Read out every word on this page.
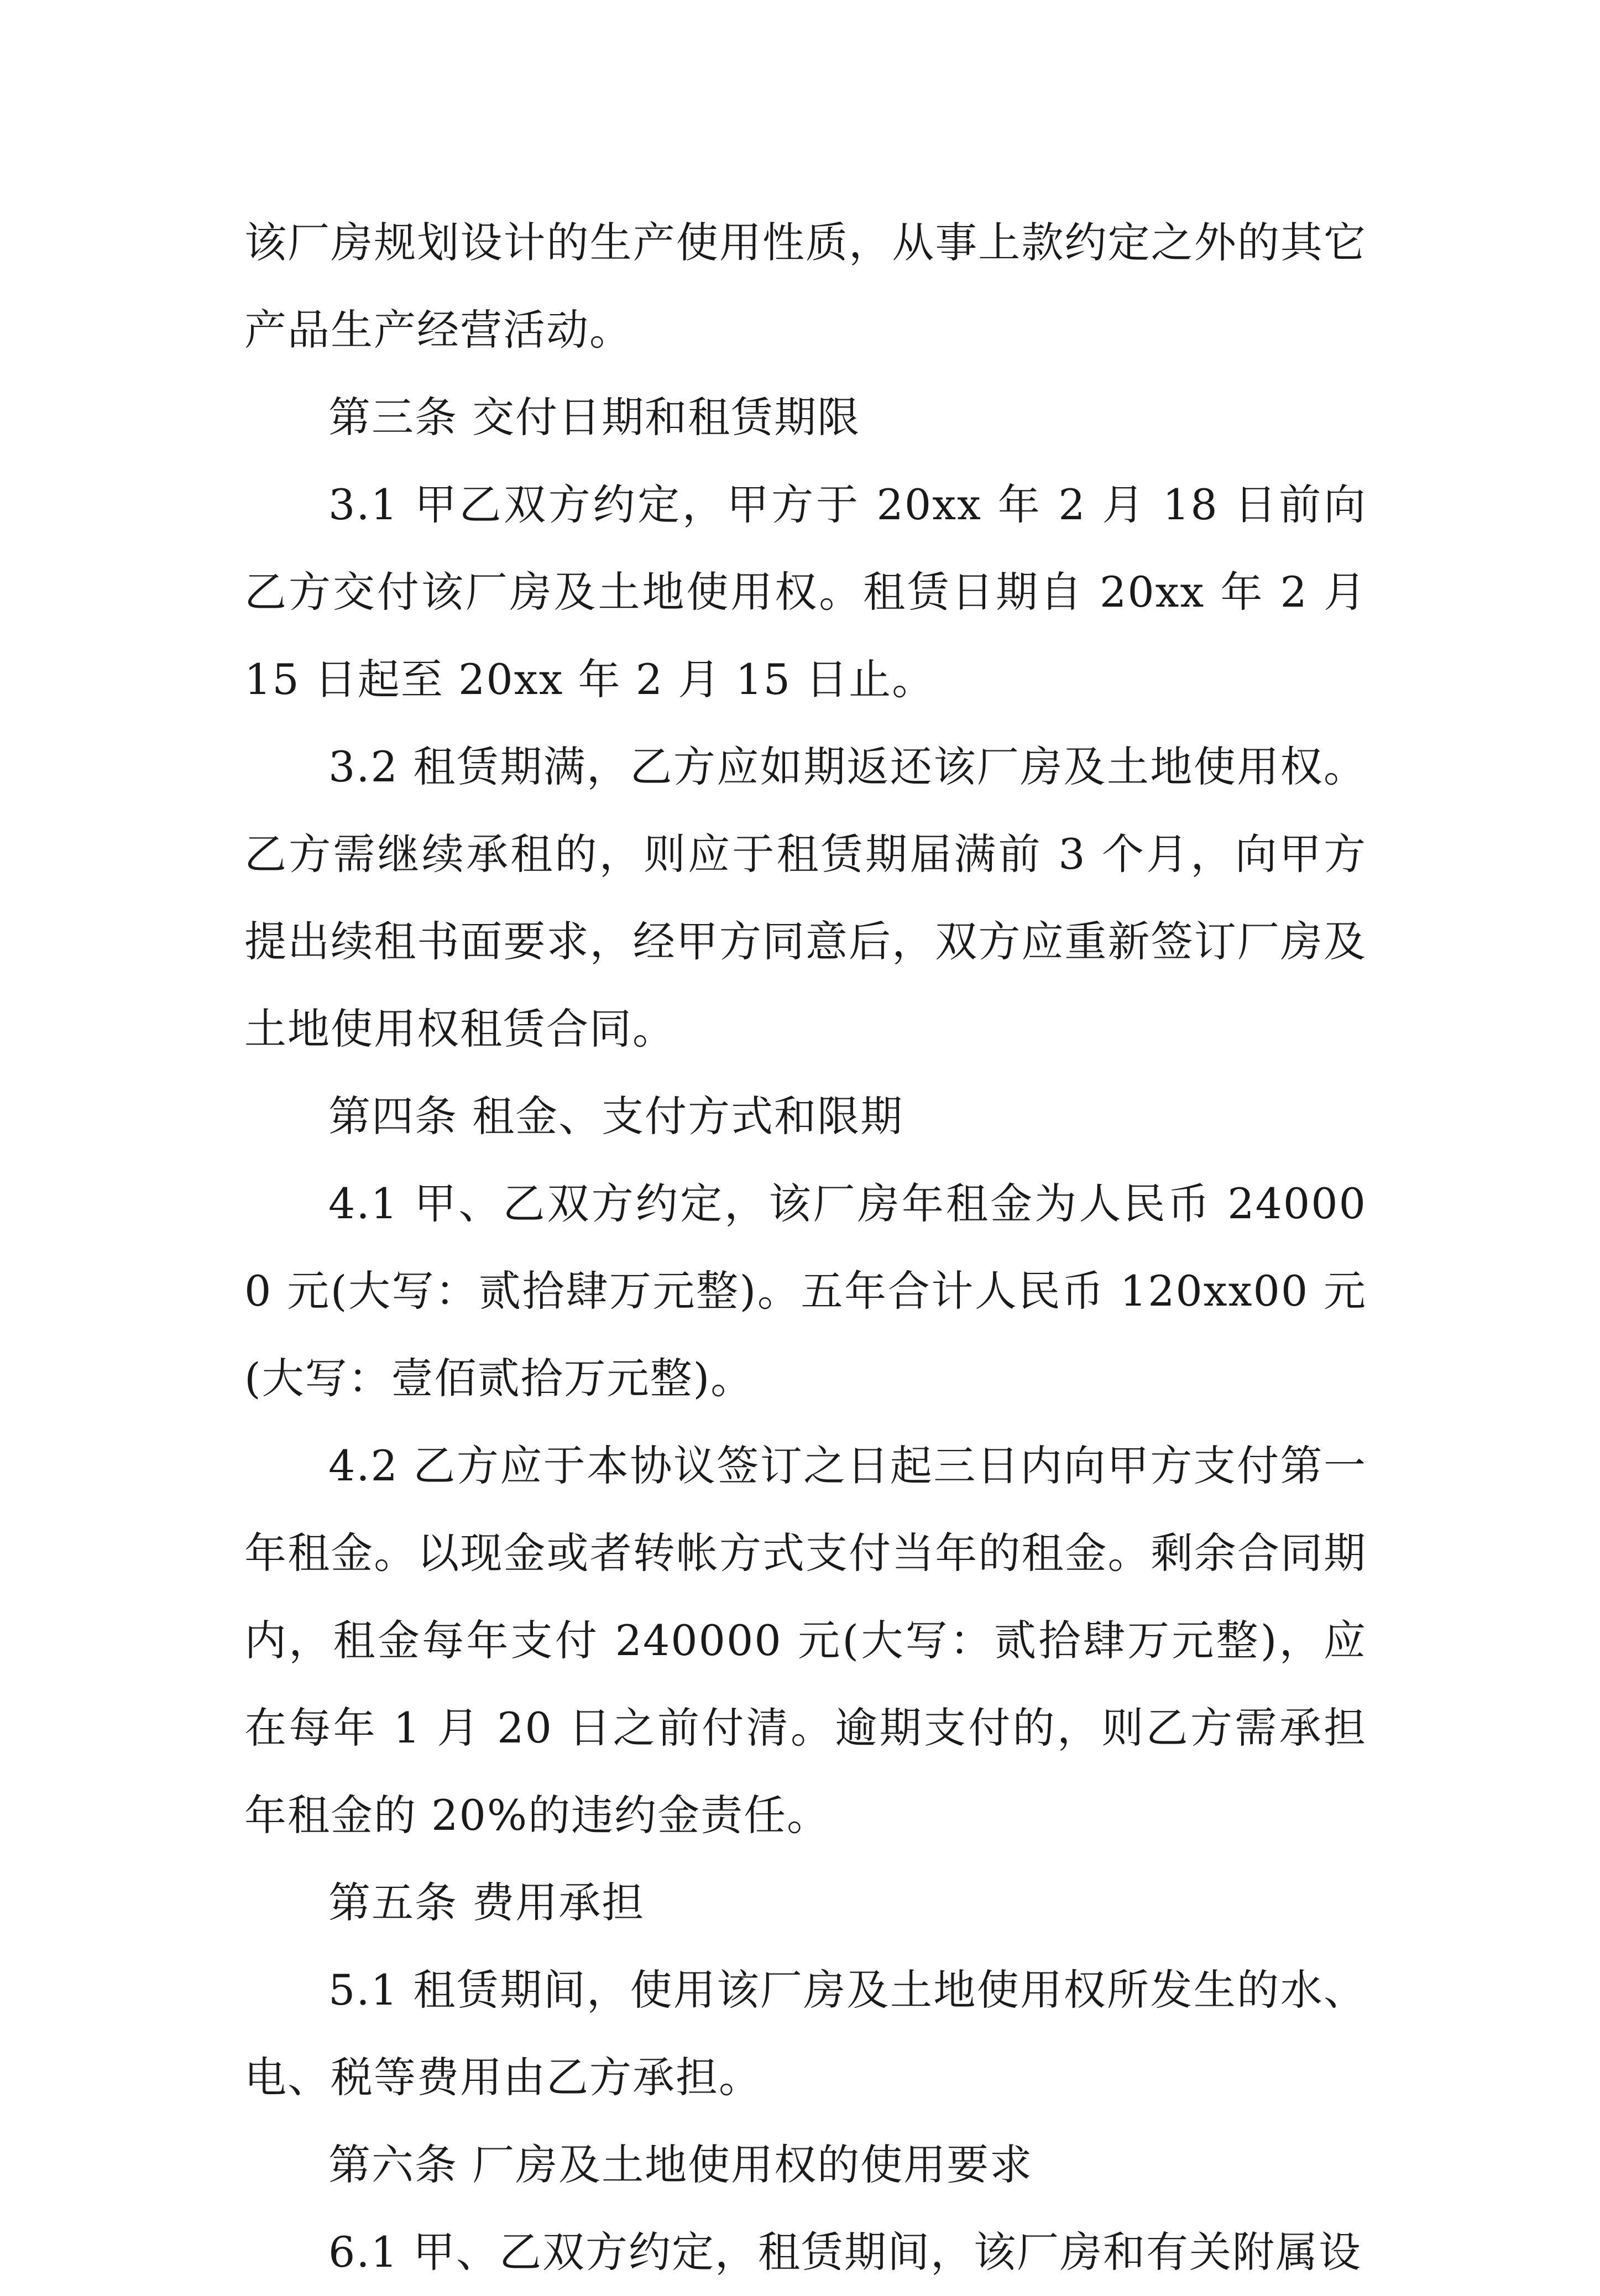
该厂房规划设计的生产使用性质，从事上款约定之外的其它产品生产经营活动。

第三条 交付日期和租赁期限

3.1 甲乙双方约定，甲方于 20xx 年 2 月 18 日前向乙方交付该厂房及土地使用权。租赁日期自 20xx 年 2 月 15 日起至 20xx 年 2 月 15 日止。

3.2 租赁期满，乙方应如期返还该厂房及土地使用权。乙方需继续承租的，则应于租赁期届满前 3 个月，向甲方提出续租书面要求，经甲方同意后，双方应重新签订厂房及土地使用权租赁合同。

第四条 租金、支付方式和限期

4.1 甲、乙双方约定，该厂房年租金为人民币 240000 元(大写：贰拾肆万元整)。五年合计人民币 120xx00 元(大写：壹佰贰拾万元整)。

4.2 乙方应于本协议签订之日起三日内向甲方支付第一年租金。以现金或者转帐方式支付当年的租金。剩余合同期内，租金每年支付 240000 元(大写：贰拾肆万元整)，应在每年 1 月 20 日之前付清。逾期支付的，则乙方需承担年租金的 20%的违约金责任。

第五条 费用承担

5.1 租赁期间，使用该厂房及土地使用权所发生的水、电、税等费用由乙方承担。

第六条 厂房及土地使用权的使用要求

6.1 甲、乙双方约定，租赁期间，该厂房和有关附属设
